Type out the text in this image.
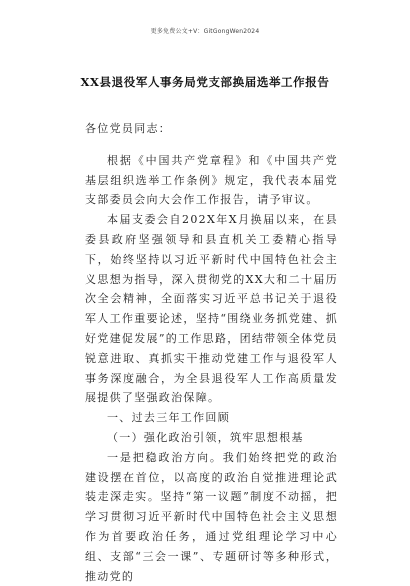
更多免费公文+V：GitGongWen2024
XX县退役军人事务局党支部换届选举工作报告

各位党员同志：

根据《中国共产党章程》和《中国共产党基层组织选举工作条例》规定，我代表本届党支部委员会向大会作工作报告，请予审议。

本届支委会自202X年X月换届以来，在县委县政府坚强领导和县直机关工委精心指导下，始终坚持以习近平新时代中国特色社会主义思想为指导，深入贯彻党的XX大和二十届历次全会精神，全面落实习近平总书记关于退役军人工作重要论述，坚持“围绕业务抓党建、抓好党建促发展”的工作思路，团结带领全体党员锐意进取、真抓实干推动党建工作与退役军人事务深度融合，为全县退役军人工作高质量发展提供了坚强政治保障。

一、过去三年工作回顾

（一）强化政治引领，筑牢思想根基

一是把稳政治方向。我们始终把党的政治建设摆在首位，以高度的政治自觉推进理论武装走深走实。坚持“第一议题”制度不动摇，把学习贯彻习近平新时代中国特色社会主义思想作为首要政治任务，通过党组理论学习中心组、支部“三会一课”、专题研讨等多种形式，推动党的
